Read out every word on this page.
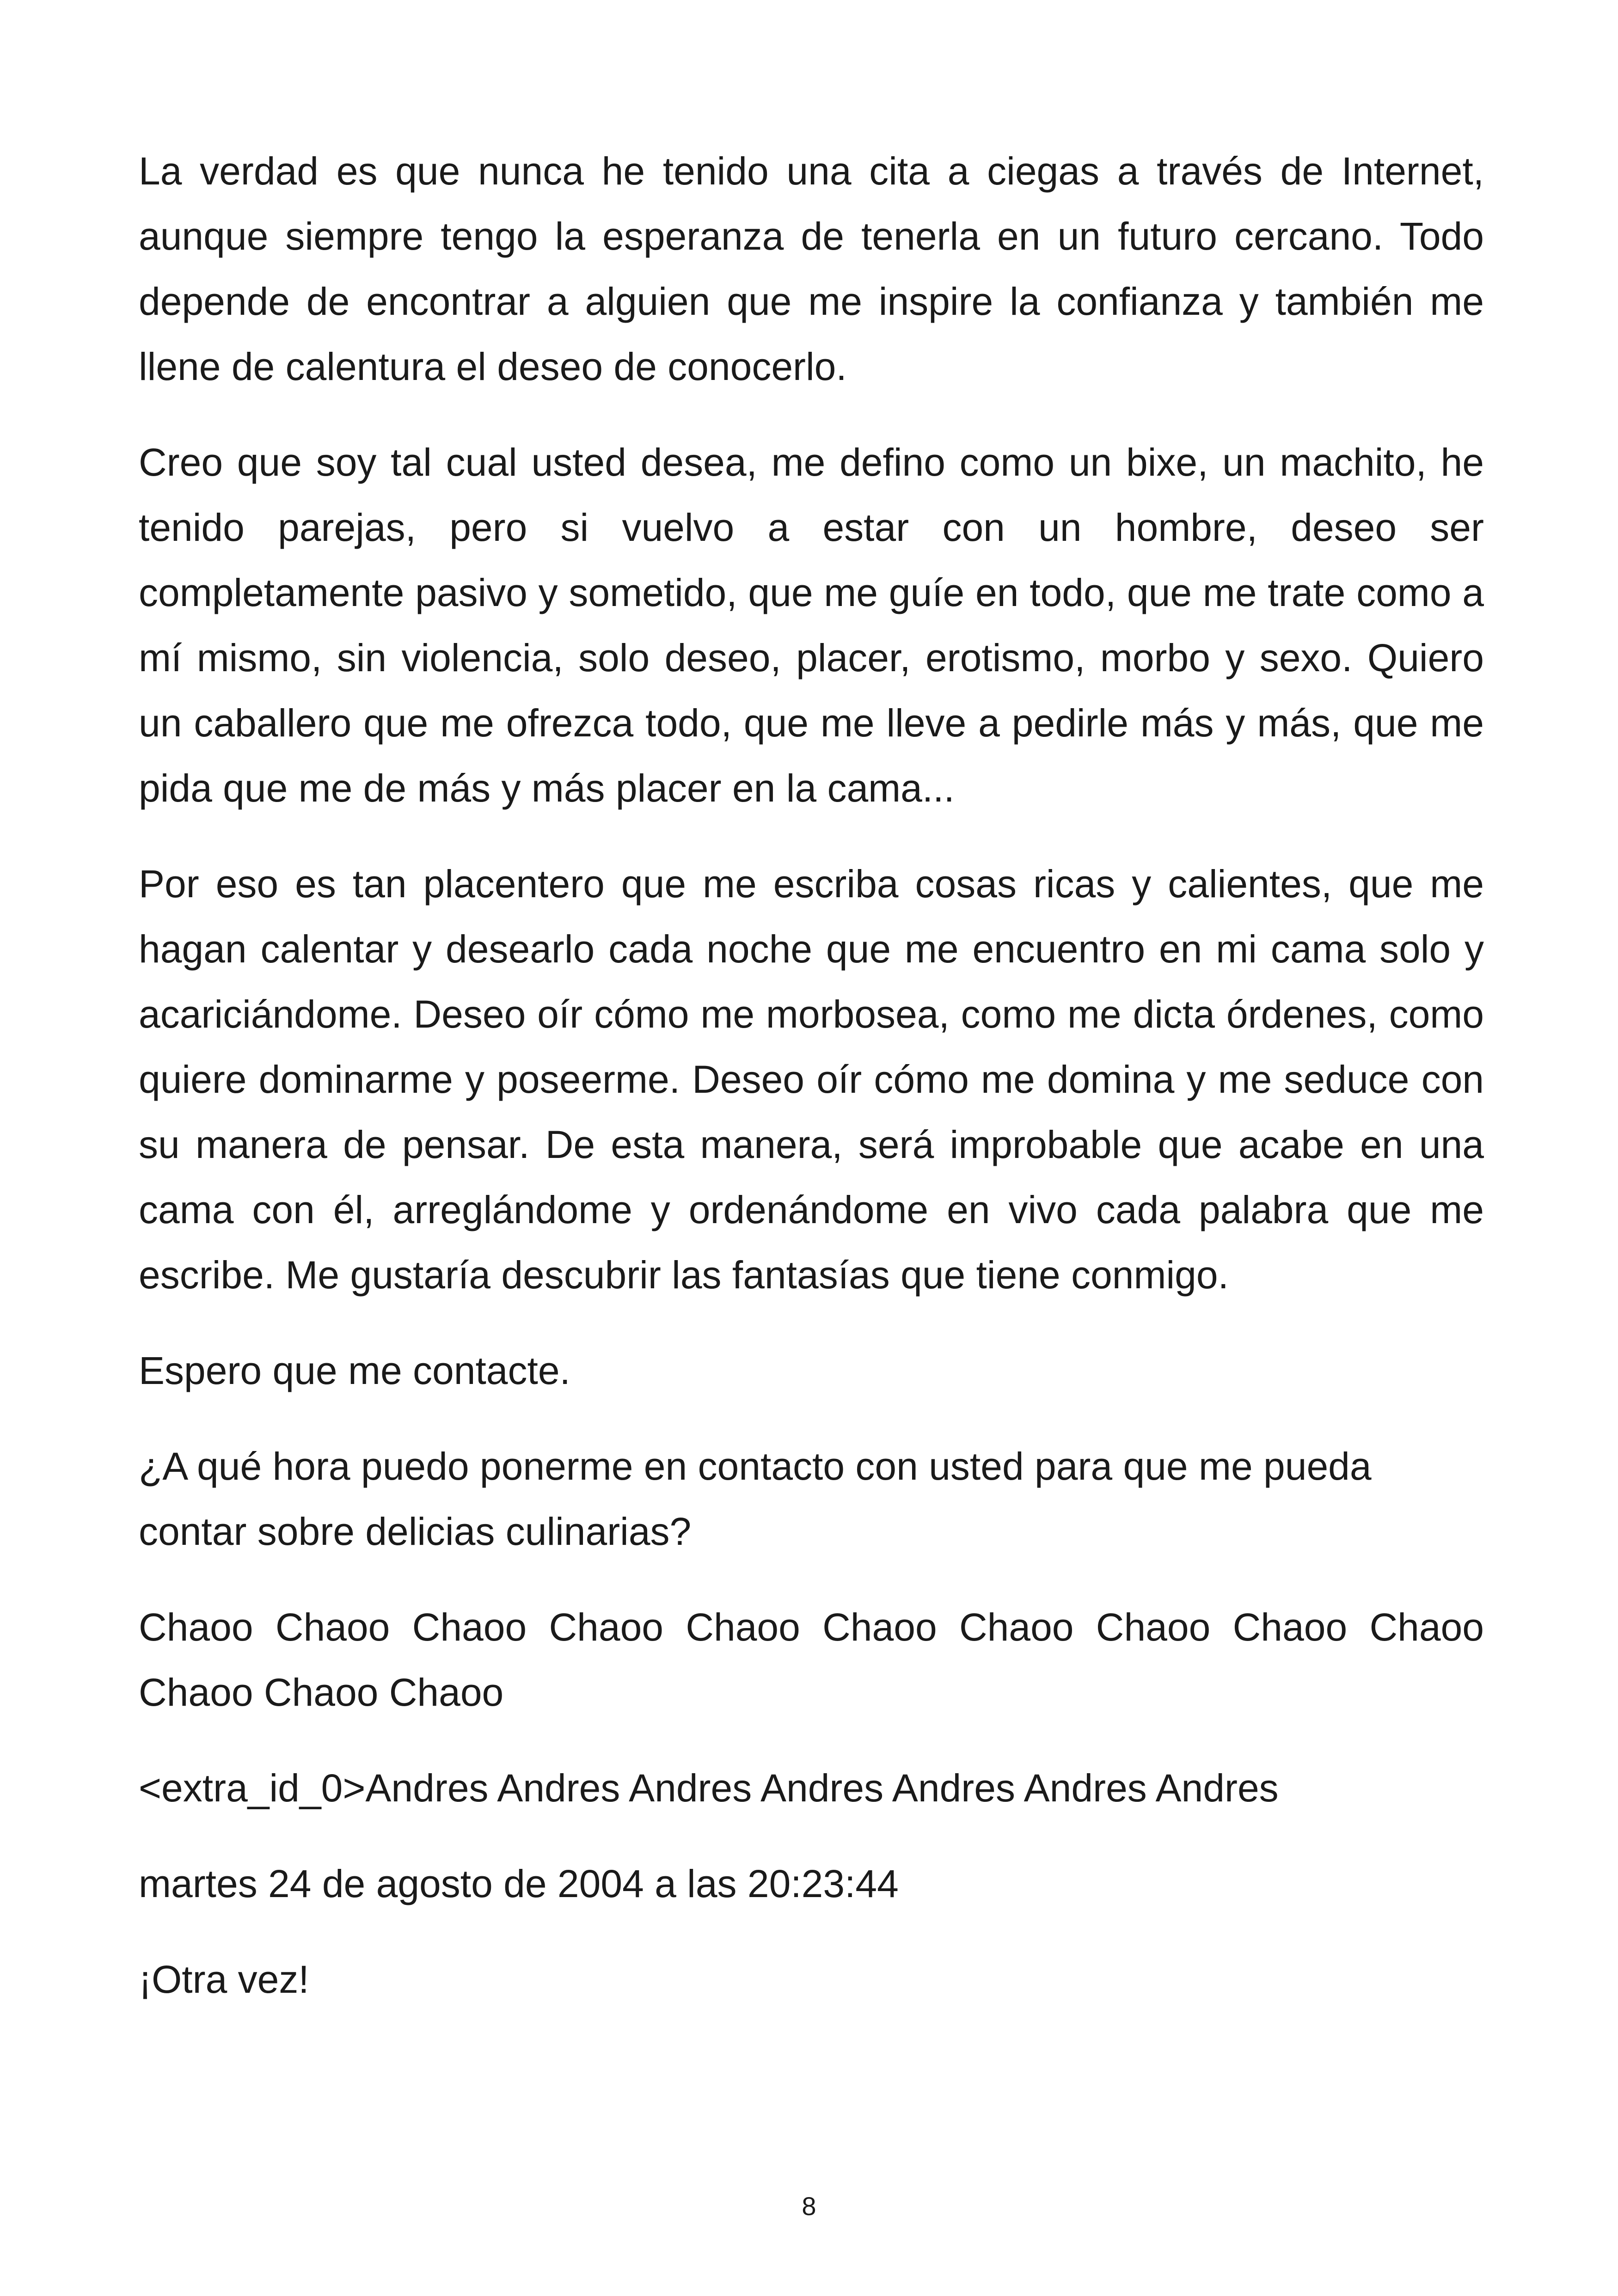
La verdad es que nunca he tenido una cita a ciegas a través de Internet, aunque siempre tengo la esperanza de tenerla en un futuro cercano. Todo depende de encontrar a alguien que me inspire la confianza y también me llene de calentura el deseo de conocerlo.

Creo que soy tal cual usted desea, me defino como un bixe, un machito, he tenido parejas, pero si vuelvo a estar con un hombre, deseo ser completamente pasivo y sometido, que me guíe en todo, que me trate como a mí mismo, sin violencia, solo deseo, placer, erotismo, morbo y sexo. Quiero un caballero que me ofrezca todo, que me lleve a pedirle más y más, que me pida que me de más y más placer en la cama...

Por eso es tan placentero que me escriba cosas ricas y calientes, que me hagan calentar y desearlo cada noche que me encuentro en mi cama solo y acariciándome. Deseo oír cómo me morbosea, como me dicta órdenes, como quiere dominarme y poseerme. Deseo oír cómo me domina y me seduce con su manera de pensar. De esta manera, será improbable que acabe en una cama con él, arreglándome y ordenándome en vivo cada palabra que me escribe. Me gustaría descubrir las fantasías que tiene conmigo.

Espero que me contacte.

¿A qué hora puedo ponerme en contacto con usted para que me pueda contar sobre delicias culinarias?

Chaoo Chaoo Chaoo Chaoo Chaoo Chaoo Chaoo Chaoo Chaoo Chaoo Chaoo Chaoo Chaoo

<extra_id_0>Andres Andres Andres Andres Andres Andres Andres

martes 24 de agosto de 2004 a las 20:23:44

¡Otra vez!

8
